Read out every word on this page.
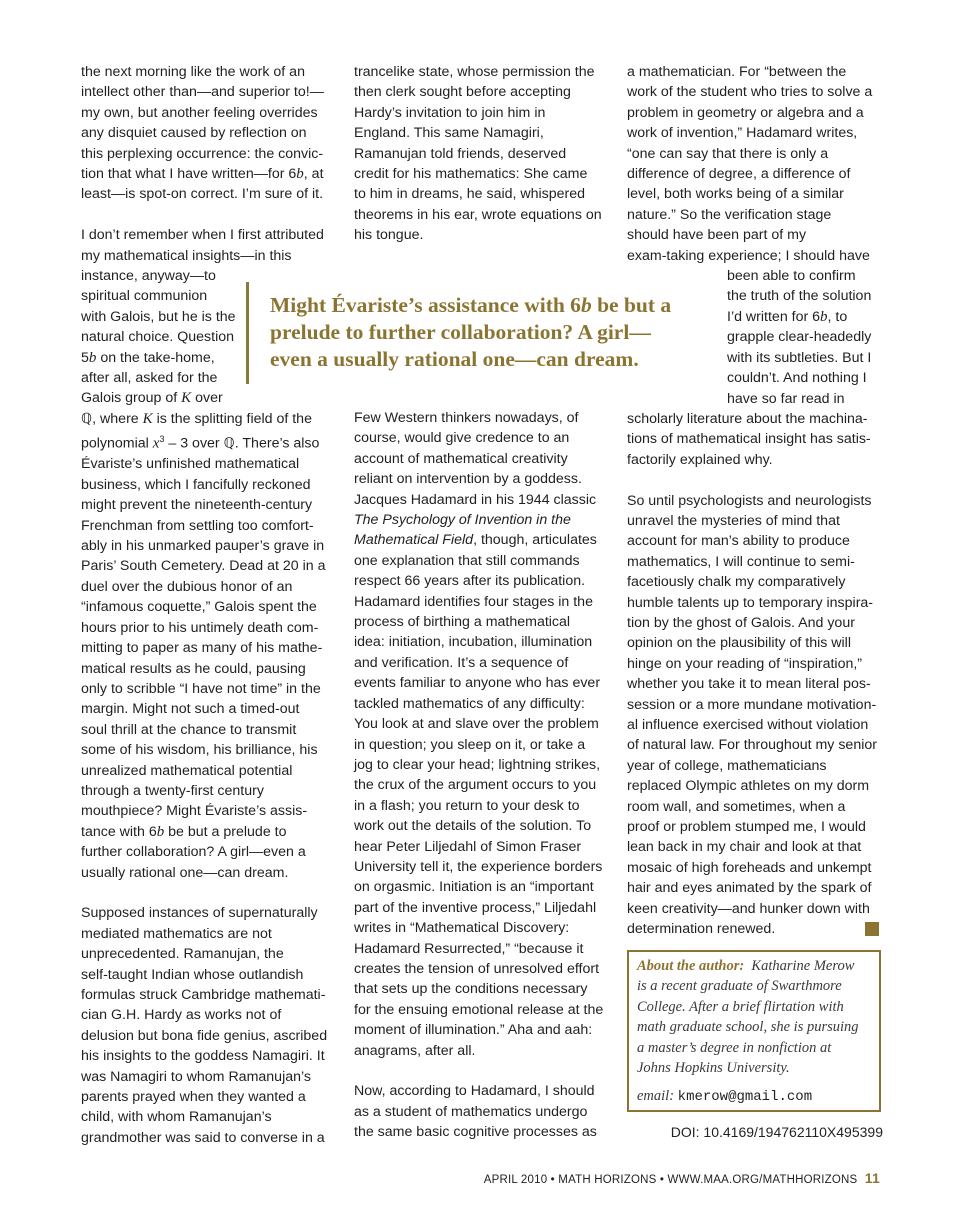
the next morning like the work of an
intellect other than—and superior to!—
my own, but another feeling overrides
any disquiet caused by reflection on
this perplexing occurrence: the convic-
tion that what I have written—for 6b, at
least—is spot-on correct. I’m sure of it.

I don’t remember when I first attributed
my mathematical insights—in this
instance, anyway—to
spiritual communion
with Galois, but he is the
natural choice. Question
5b on the take-home,
after all, asked for the
Galois group of K over
ℚ, where K is the splitting field of the
polynomial $x^3 - 3$ over ℚ. There’s also
Évariste’s unfinished mathematical
business, which I fancifully reckoned
might prevent the nineteenth-century
Frenchman from settling too comfort-
ably in his unmarked pauper’s grave in
Paris’ South Cemetery. Dead at 20 in a
duel over the dubious honor of an
“infamous coquette,” Galois spent the
hours prior to his untimely death com-
mitting to paper as many of his mathe-
matical results as he could, pausing
only to scribble “I have not time” in the
margin. Might not such a timed-out
soul thrill at the chance to transmit
some of his wisdom, his brilliance, his
unrealized mathematical potential
through a twenty-first century
mouthpiece? Might Évariste’s assis-
tance with 6b be but a prelude to
further collaboration? A girl—even a
usually rational one—can dream.

Supposed instances of supernaturally
mediated mathematics are not
unprecedented. Ramanujan, the
self-taught Indian whose outlandish
formulas struck Cambridge mathemati-
cian G.H. Hardy as works not of
delusion but bona fide genius, ascribed
his insights to the goddess Namagiri. It
was Namagiri to whom Ramanujan’s
parents prayed when they wanted a
child, with whom Ramanujan’s
grandmother was said to converse in a

trancelike state, whose permission the
then clerk sought before accepting
Hardy’s invitation to join him in
England. This same Namagiri,
Ramanujan told friends, deserved
credit for his mathematics: She came
to him in dreams, he said, whispered
theorems in his ear, wrote equations on
his tongue.

Few Western thinkers nowadays, of
course, would give credence to an
account of mathematical creativity
reliant on intervention by a goddess.
Jacques Hadamard in his 1944 classic
The Psychology of Invention in the
Mathematical Field, though, articulates
one explanation that still commands
respect 66 years after its publication.
Hadamard identifies four stages in the
process of birthing a mathematical
idea: initiation, incubation, illumination
and verification. It’s a sequence of
events familiar to anyone who has ever
tackled mathematics of any difficulty:
You look at and slave over the problem
in question; you sleep on it, or take a
jog to clear your head; lightning strikes,
the crux of the argument occurs to you
in a flash; you return to your desk to
work out the details of the solution. To
hear Peter Liljedahl of Simon Fraser
University tell it, the experience borders
on orgasmic. Initiation is an “important
part of the inventive process,” Liljedahl
writes in “Mathematical Discovery:
Hadamard Resurrected,” “because it
creates the tension of unresolved effort
that sets up the conditions necessary
for the ensuing emotional release at the
moment of illumination.” Aha and aah:
anagrams, after all.

Now, according to Hadamard, I should
as a student of mathematics undergo
the same basic cognitive processes as

a mathematician. For “between the
work of the student who tries to solve a
problem in geometry or algebra and a
work of invention,” Hadamard writes,
“one can say that there is only a
difference of degree, a difference of
level, both works being of a similar
nature.” So the verification stage
should have been part of my
exam-taking experience; I should have
been able to confirm
the truth of the solution
I’d written for 6b, to
grapple clear-headedly
with its subtleties. But I
couldn’t. And nothing I
have so far read in
scholarly literature about the machina-
tions of mathematical insight has satis-
factorily explained why.

So until psychologists and neurologists
unravel the mysteries of mind that
account for man’s ability to produce
mathematics, I will continue to semi-
facetiously chalk my comparatively
humble talents up to temporary inspira-
tion by the ghost of Galois. And your
opinion on the plausibility of this will
hinge on your reading of “inspiration,”
whether you take it to mean literal pos-
session or a more mundane motivation-
al influence exercised without violation
of natural law. For throughout my senior
year of college, mathematicians
replaced Olympic athletes on my dorm
room wall, and sometimes, when a
proof or problem stumped me, I would
lean back in my chair and look at that
mosaic of high foreheads and unkempt
hair and eyes animated by the spark of
keen creativity—and hunker down with
determination renewed.

Might Évariste’s assistance with 6b be but a
prelude to further collaboration? A girl—
even a usually rational one—can dream.
About the author:  Katharine Merow
is a recent graduate of Swarthmore
College. After a brief flirtation with
math graduate school, she is pursuing
a master’s degree in nonfiction at
Johns Hopkins University.
email: kmerow@gmail.com
DOI: 10.4169/194762110X495399
APRIL 2010 • MATH HORIZONS • WWW.MAA.ORG/MATHHORIZONS 11
